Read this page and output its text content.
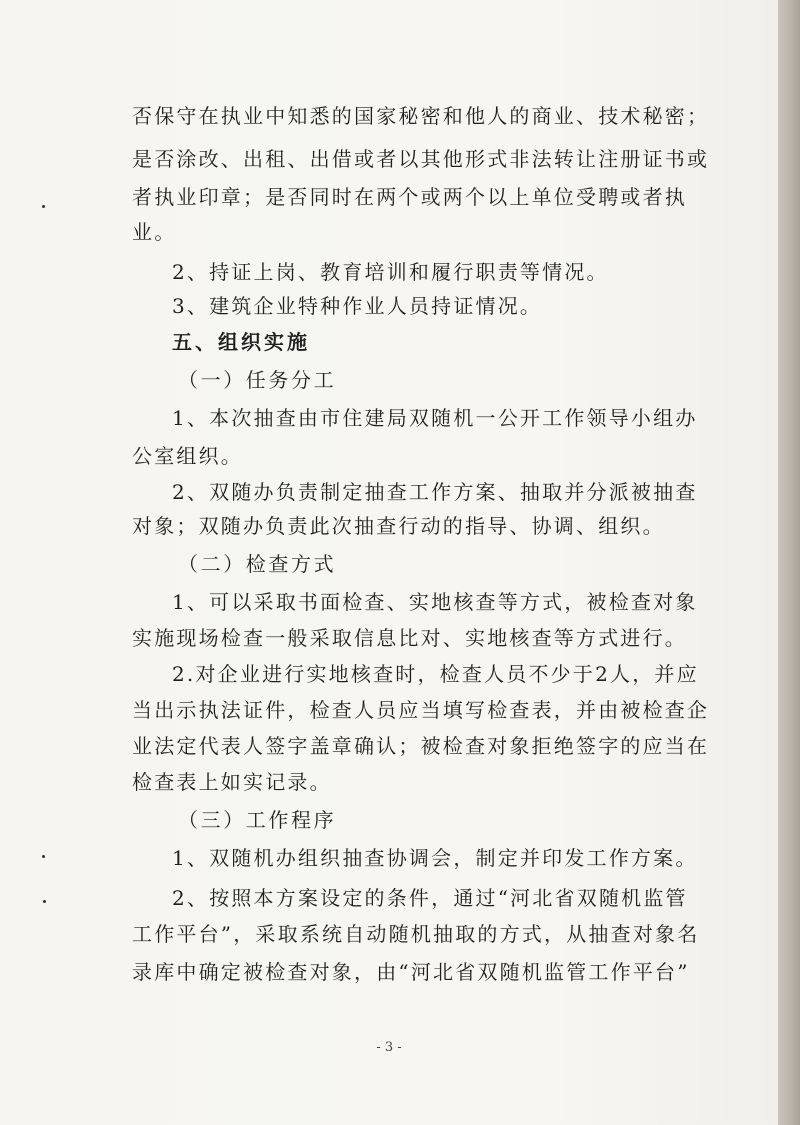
否保守在执业中知悉的国家秘密和他人的商业、技术秘密；
是否涂改、出租、出借或者以其他形式非法转让注册证书或
者执业印章；是否同时在两个或两个以上单位受聘或者执
业。
2、持证上岗、教育培训和履行职责等情况。
3、建筑企业特种作业人员持证情况。
五、组织实施
（一）任务分工
1、本次抽查由市住建局双随机一公开工作领导小组办
公室组织。
2、双随办负责制定抽查工作方案、抽取并分派被抽查
对象；双随办负责此次抽查行动的指导、协调、组织。
（二）检查方式
1、可以采取书面检查、实地核查等方式，被检查对象
实施现场检查一般采取信息比对、实地核查等方式进行。
2.对企业进行实地核查时，检查人员不少于2人，并应
当出示执法证件，检查人员应当填写检查表，并由被检查企
业法定代表人签字盖章确认；被检查对象拒绝签字的应当在
检查表上如实记录。
（三）工作程序
1、双随机办组织抽查协调会，制定并印发工作方案。
2、按照本方案设定的条件，通过“河北省双随机监管
工作平台”，采取系统自动随机抽取的方式，从抽查对象名
录库中确定被检查对象，由“河北省双随机监管工作平台”
- 3 -
